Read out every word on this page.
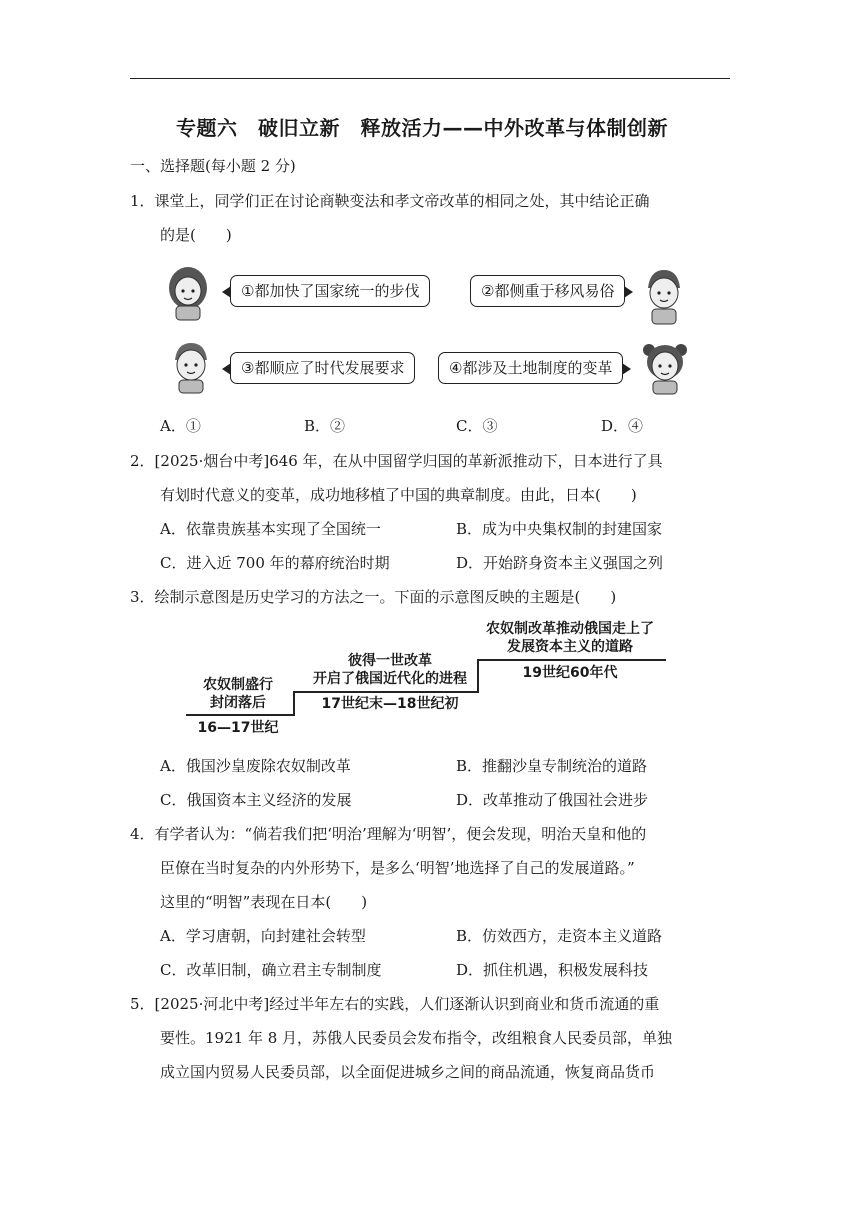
专题六　破旧立新　释放活力——中外改革与体制创新
一、选择题(每小题 2 分)
1．课堂上，同学们正在讨论商鞅变法和孝文帝改革的相同之处，其中结论正确
的是(　　)
①都加快了国家统一的步伐	②都侧重于移风易俗
③都顺应了时代发展要求	④都涉及土地制度的变革
A．①	B．②	C．③	D．④
2．[2025·烟台中考]646 年，在从中国留学归国的革新派推动下，日本进行了具
有划时代意义的变革，成功地移植了中国的典章制度。由此，日本(　　)
A．依靠贵族基本实现了全国统一	B．成为中央集权制的封建国家
C．进入近 700 年的幕府统治时期	D．开始跻身资本主义强国之列
3．绘制示意图是历史学习的方法之一。下面的示意图反映的主题是(　　)
农奴制盛行
封闭落后
16—17世纪
彼得一世改革
开启了俄国近代化的进程
17世纪末—18世纪初
农奴制改革推动俄国走上了
发展资本主义的道路
19世纪60年代
A．俄国沙皇废除农奴制改革	B．推翻沙皇专制统治的道路
C．俄国资本主义经济的发展	D．改革推动了俄国社会进步
4．有学者认为：“倘若我们把‘明治’理解为‘明智’，便会发现，明治天皇和他的
臣僚在当时复杂的内外形势下，是多么‘明智’地选择了自己的发展道路。”
这里的“明智”表现在日本(　　)
A．学习唐朝，向封建社会转型	B．仿效西方，走资本主义道路
C．改革旧制，确立君主专制制度	D．抓住机遇，积极发展科技
5．[2025·河北中考]经过半年左右的实践，人们逐渐认识到商业和货币流通的重
要性。1921 年 8 月，苏俄人民委员会发布指令，改组粮食人民委员部，单独
成立国内贸易人民委员部，以全面促进城乡之间的商品流通，恢复商品货币
